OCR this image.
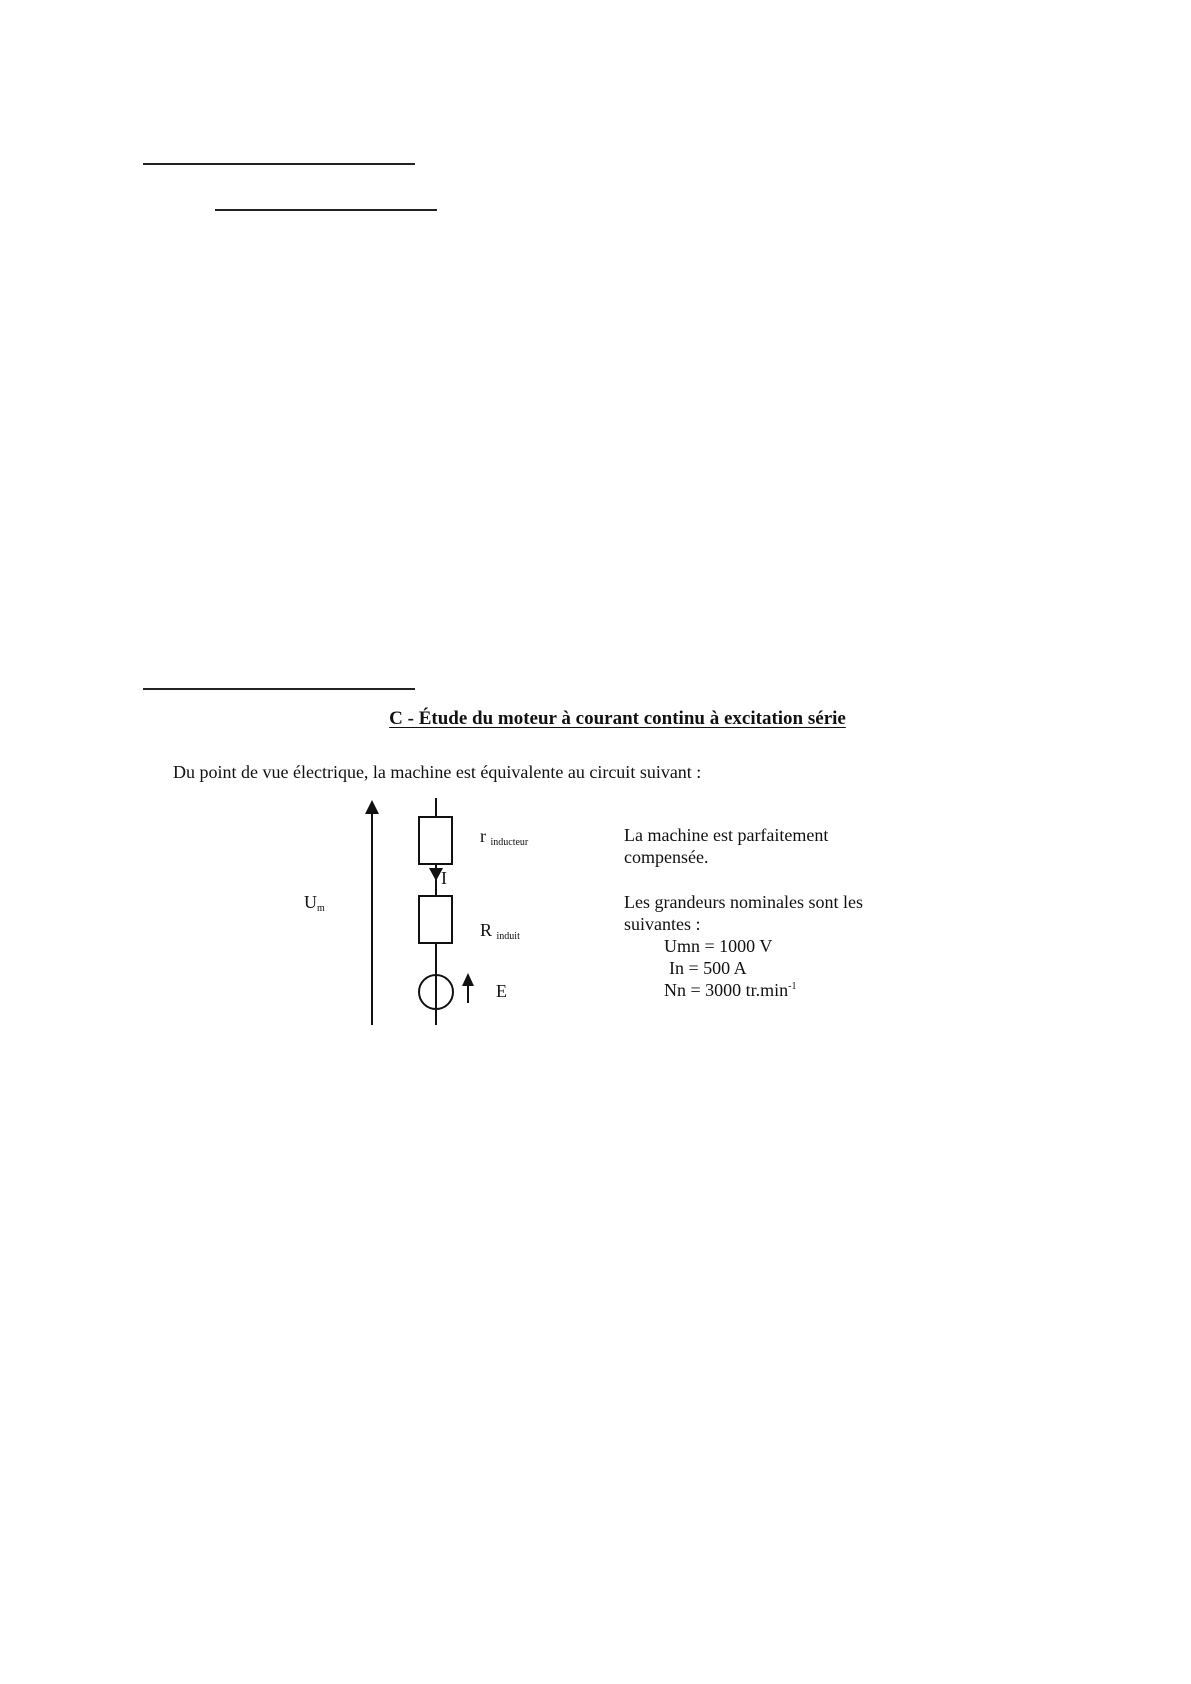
C - Étude du moteur à courant continu à excitation série
Du point de vue électrique, la machine est équivalente au circuit suivant :
Um
r inducteur
I
R induit
E
La machine est parfaitement
compensée.
Les grandeurs nominales sont les
suivantes :
Umn = 1000 V
In = 500 A
Nn = 3000 $tr.\min^{-1}$
